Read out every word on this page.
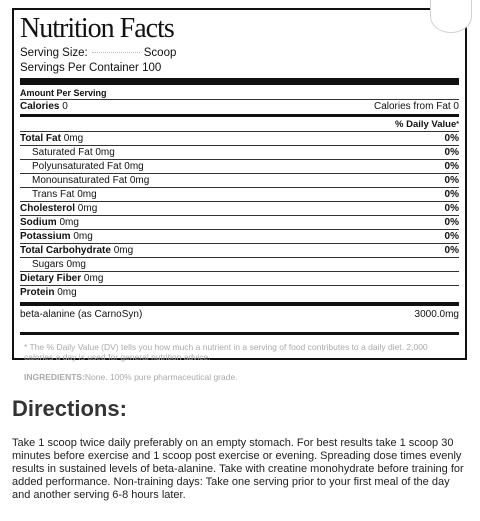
Nutrition Facts
Serving Size:	Scoop
Servings Per Container 100
Amount Per Serving
Calories 0	Calories from Fat 0
% Daily Value *
Total Fat 0mg	0%
Saturated Fat 0mg	0%
Polyunsaturated Fat 0mg	0%
Monounsaturated Fat 0mg	0%
Trans Fat 0mg	0%
Cholesterol 0mg	0%
Sodium 0mg	0%
Potassium 0mg	0%
Total Carbohydrate 0mg	0%
Sugars 0mg
Dietary Fiber 0mg
Protein 0mg
beta-alanine (as CarnoSyn)	3000.0mg
* The % Daily Value (DV) tells you how much a nutrient in a serving of food contributes to a daily diet. 2,000 calories a day is used for general nutrition advice.
INGREDIENTS:None. 100% pure pharmaceutical grade.
Directions:

Take 1 scoop twice daily preferably on an empty stomach. For best results take 1 scoop 30 minutes before exercise and 1 scoop post exercise or evening. Spreading dose times evenly results in sustained levels of beta-alanine. Take with creatine monohydrate before training for added performance. Non-training days: Take one serving prior to your first meal of the day and another serving 6-8 hours later.
